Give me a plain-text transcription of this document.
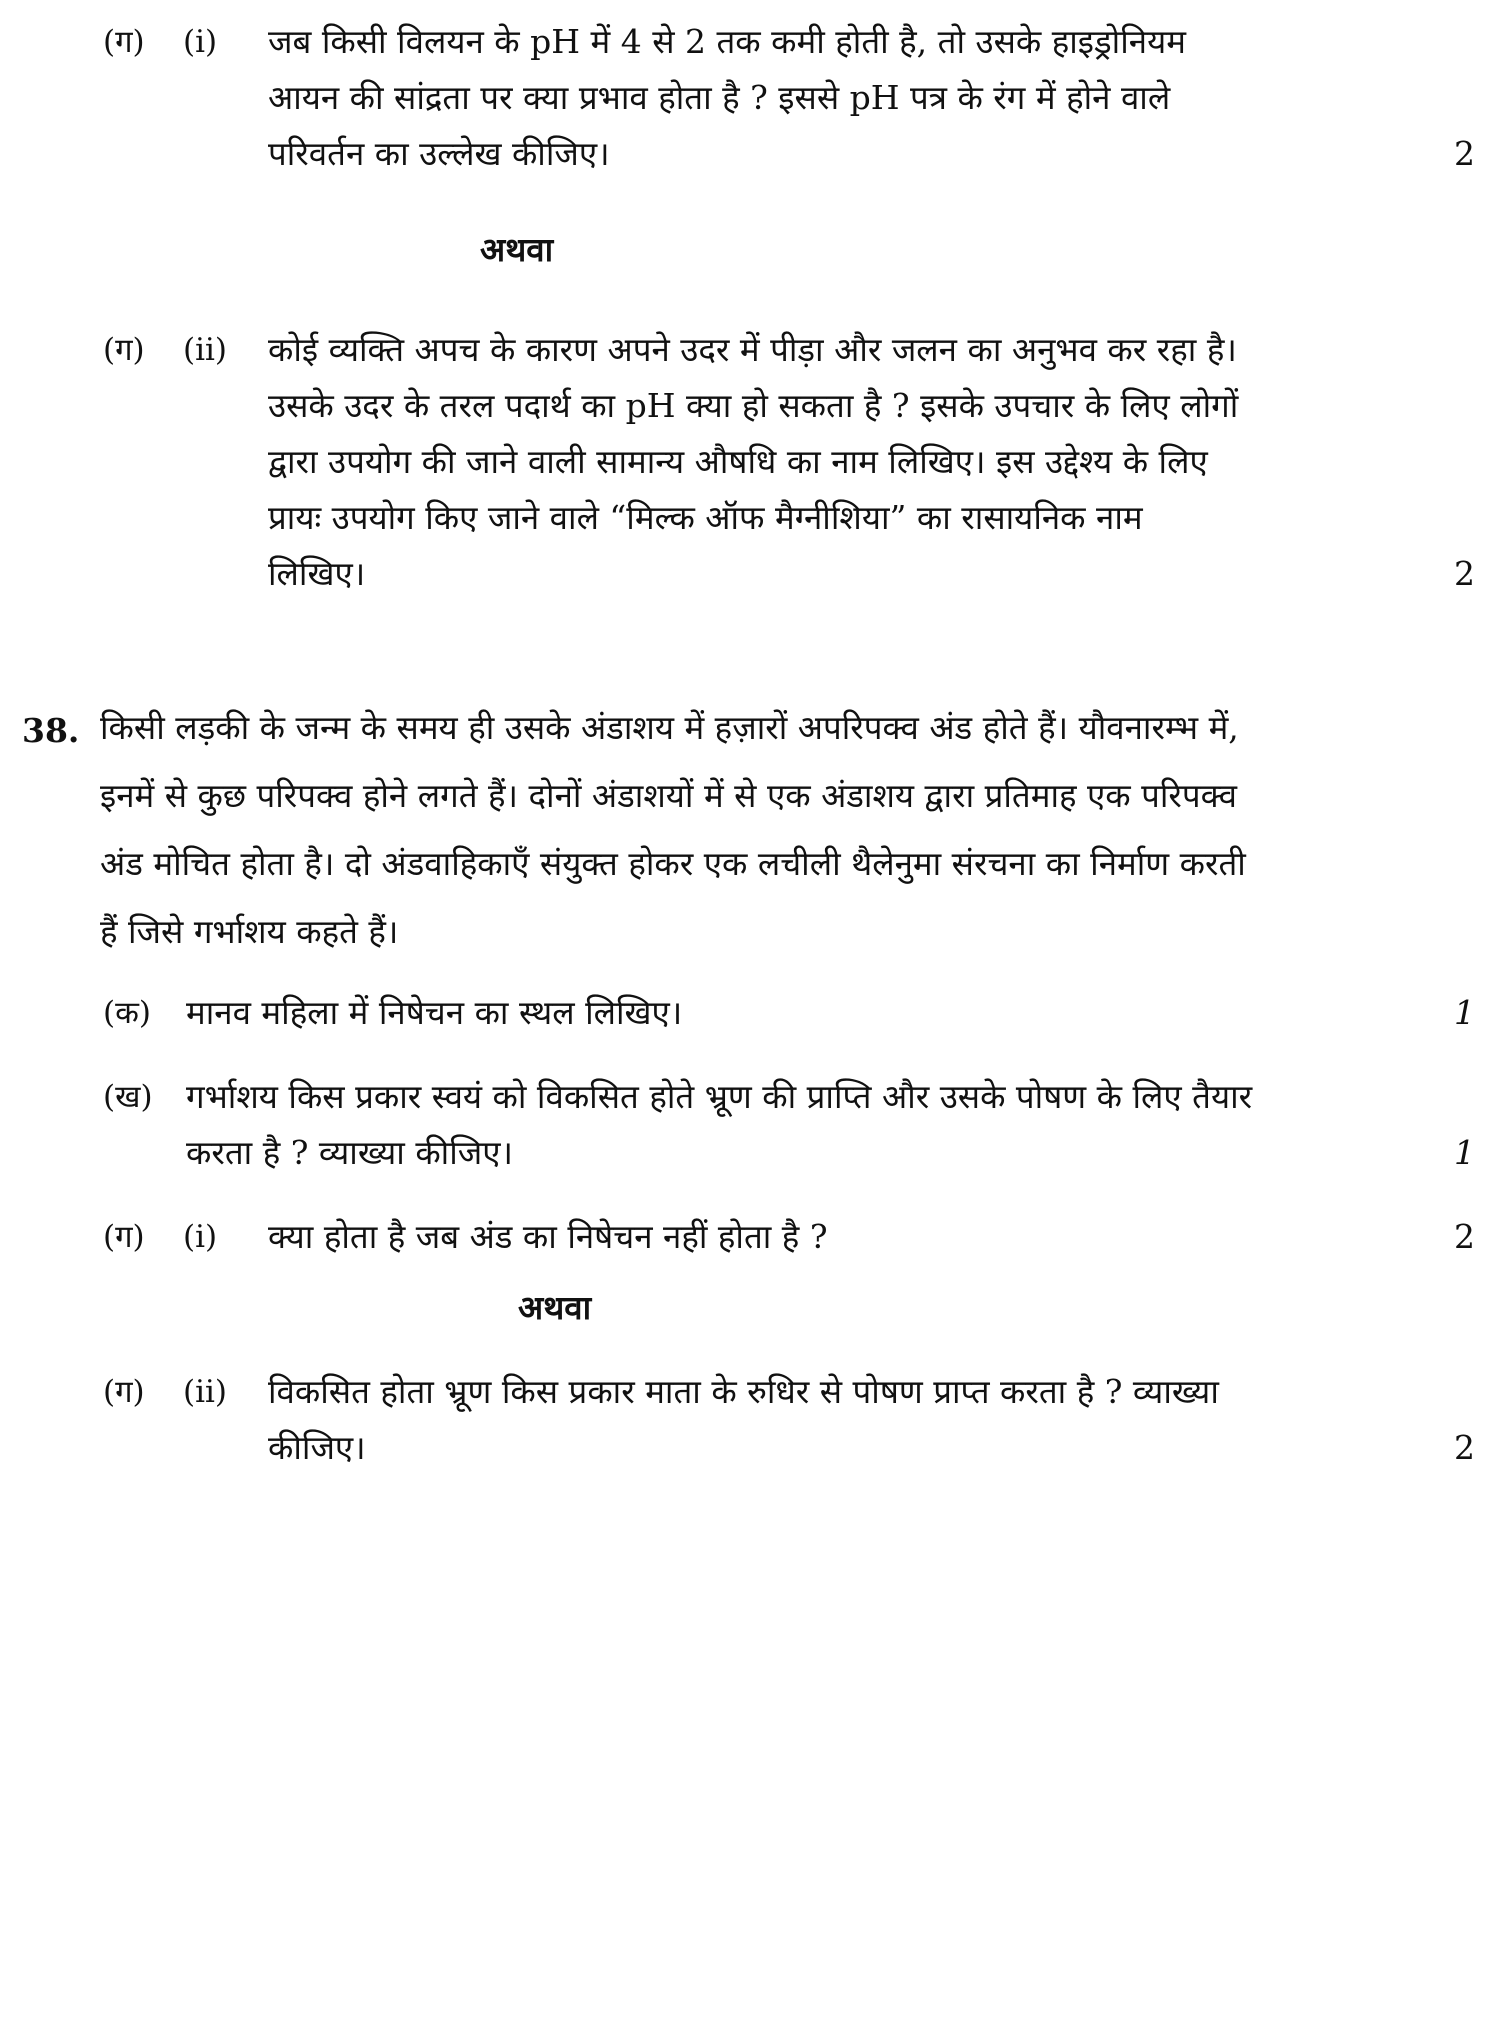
(ग) (i) जब किसी विलयन के pH में 4 से 2 तक कमी होती है, तो उसके हाइड्रोनियम
आयन की सांद्रता पर क्या प्रभाव होता है ? इससे pH पत्र के रंग में होने वाले
परिवर्तन का उल्लेख कीजिए।	2
अथवा
(ग) (ii) कोई व्यक्ति अपच के कारण अपने उदर में पीड़ा और जलन का अनुभव कर रहा है।
उसके उदर के तरल पदार्थ का pH क्या हो सकता है ? इसके उपचार के लिए लोगों
द्वारा उपयोग की जाने वाली सामान्य औषधि का नाम लिखिए। इस उद्देश्य के लिए
प्रायः उपयोग किए जाने वाले “मिल्क ऑफ मैग्नीशिया” का रासायनिक नाम
लिखिए।	2
38. किसी लड़की के जन्म के समय ही उसके अंडाशय में हज़ारों अपरिपक्व अंड होते हैं। यौवनारम्भ में,
इनमें से कुछ परिपक्व होने लगते हैं। दोनों अंडाशयों में से एक अंडाशय द्वारा प्रतिमाह एक परिपक्व
अंड मोचित होता है। दो अंडवाहिकाएँ संयुक्त होकर एक लचीली थैलेनुमा संरचना का निर्माण करती
हैं जिसे गर्भाशय कहते हैं।
(क) मानव महिला में निषेचन का स्थल लिखिए।	1
(ख) गर्भाशय किस प्रकार स्वयं को विकसित होते भ्रूण की प्राप्ति और उसके पोषण के लिए तैयार
करता है ? व्याख्या कीजिए।	1
(ग) (i) क्या होता है जब अंड का निषेचन नहीं होता है ?	2
अथवा
(ग) (ii) विकसित होता भ्रूण किस प्रकार माता के रुधिर से पोषण प्राप्त करता है ? व्याख्या
कीजिए।	2
